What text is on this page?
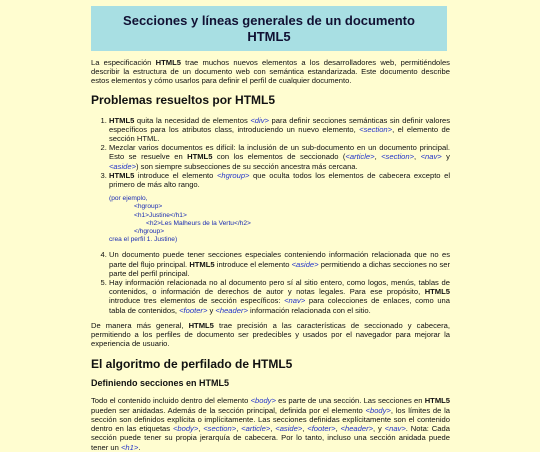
Secciones y líneas generales de un documento
HTML5

La especificación HTML5 trae muchos nuevos elementos a los desarrolladores web, permitiéndoles describir la estructura de un documento web con semántica estandarizada. Este documento describe estos elementos y cómo usarlos para definir el perfil de cualquier documento.

Problemas resueltos por HTML5
1. HTML5 quita la necesidad de elementos <div> para definir secciones semánticas sin definir valores específicos para los atributos class, introduciendo un nuevo elemento, <section>, el elemento de sección HTML.
2. Mezclar varios documentos es difícil: la inclusión de un sub-documento en un documento principal. Esto se resuelve en HTML5 con los elementos de seccionado (<article>, <section>, <nav> y <aside>) son siempre subsecciones de su sección ancestra más cercana.
3. HTML5 introduce el elemento <hgroup> que oculta todos los elementos de cabecera excepto el primero de más alto rango.
(por ejemplo,
<hgroup>
<h1>Justine</h1>
<h2>Les Malheurs de la Vertu</h2>
</hgroup>
crea el perfil 1. Justine)
4. Un documento puede tener secciones especiales conteniendo información relacionada que no es parte del flujo principal. HTML5 introduce el elemento <aside> permitiendo a dichas secciones no ser parte del perfil principal.
5. Hay información relacionada no al documento pero sí al sitio entero, como logos, menús, tablas de contenidos, o información de derechos de autor y notas legales. Para ese propósito, HTML5 introduce tres elementos de sección específicos: <nav> para colecciones de enlaces, como una tabla de contenidos, <footer> y <header> información relacionada con el sitio.

De manera más general, HTML5 trae precisión a las características de seccionado y cabecera, permitiendo a los perfiles de documento ser predecibles y usados por el navegador para mejorar la experiencia de usuario.

El algoritmo de perfilado de HTML5
Definiendo secciones en HTML5

Todo el contenido incluido dentro del elemento <body> es parte de una sección. Las secciones en HTML5 pueden ser anidadas. Además de la sección principal, definida por el elemento <body>, los límites de la sección son definidos explícita o implícitamente. Las secciones definidas explícitamente son el contenido dentro en las etiquetas <body>, <section>, <article>, <aside>, <footer>, <header>, y <nav>. Nota: Cada sección puede tener su propia jerarquía de cabecera. Por lo tanto, incluso una sección anidada puede tener un <h1>.
